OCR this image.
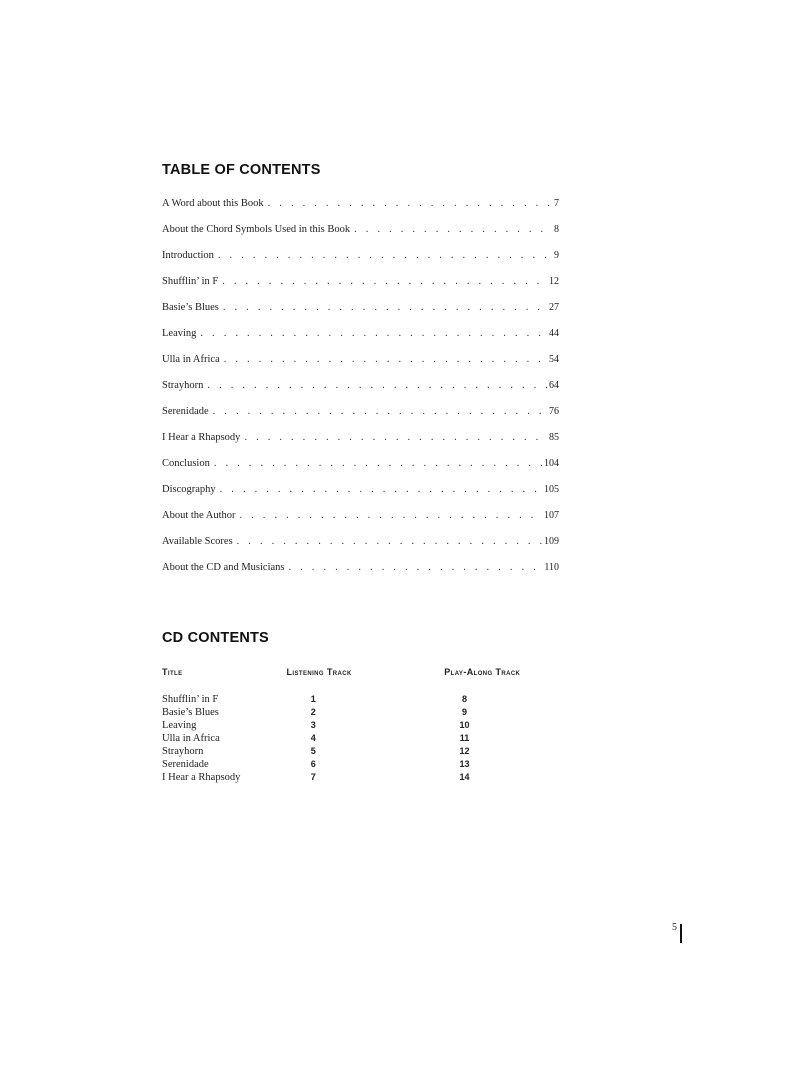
TABLE OF CONTENTS
A Word about this Book . . .	7
About the Chord Symbols Used in this Book . . .	8
Introduction . . .	9
Shufflin’ in F . . .	12
Basie’s Blues . . .	27
Leaving . . .	44
Ulla in Africa . . .	54
Strayhorn . . .	64
Serenidade . . .	76
I Hear a Rhapsody . . .	85
Conclusion . . .	104
Discography . . .	105
About the Author . . .	107
Available Scores . . .	109
About the CD and Musicians . . .	110
CD CONTENTS
Title	Listening Track	Play-Along Track
Shufflin’ in F	1	8
Basie’s Blues	2	9
Leaving	3	10
Ulla in Africa	4	11
Strayhorn	5	12
Serenidade	6	13
I Hear a Rhapsody	7	14
5
